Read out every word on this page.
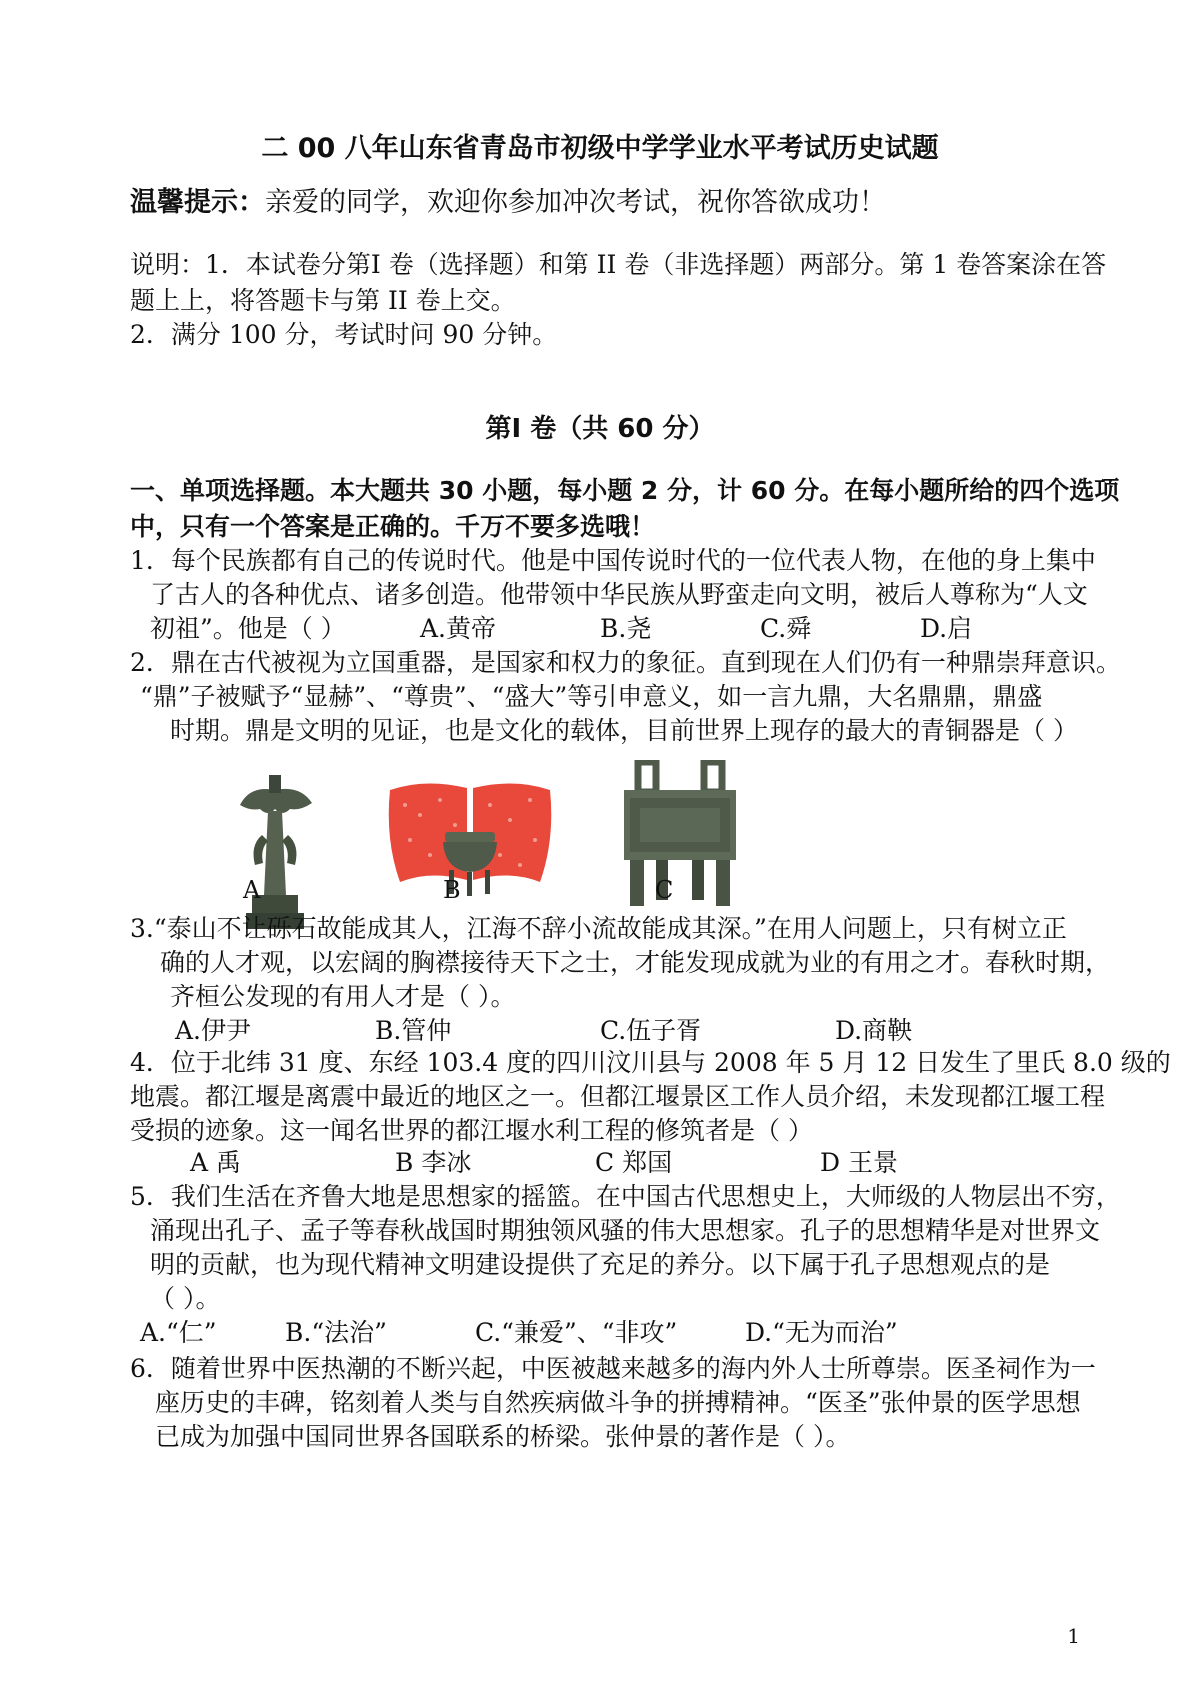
二 00 八年山东省青岛市初级中学学业水平考试历史试题
温馨提示：亲爱的同学，欢迎你参加冲次考试，祝你答欲成功！
说明：1．本试卷分第Ⅰ 卷（选择题）和第 II 卷（非选择题）两部分。第 1 卷答案涂在答
题上上，将答题卡与第 II 卷上交。
2．满分 100 分，考试时问 90 分钟。
第Ⅰ 卷（共 60 分）
一、单项选择题。本大题共 30 小题，每小题 2 分，计 60 分。在每小题所给的四个选项
中，只有一个答案是正确的。千万不要多选哦！
1．每个民族都有自己的传说时代。他是中国传说时代的一位代表人物，在他的身上集中
了古人的各种优点、诸多创造。他带领中华民族从野蛮走向文明，被后人尊称为“人文
初祖”。他是（ ）	A.黄帝	B.尧	C.舜	D.启
2．鼎在古代被视为立国重器，是国家和权力的象征。直到现在人们仍有一种鼎崇拜意识。
“鼎”子被赋予“显赫”、“尊贵”、“盛大”等引申意义，如一言九鼎，大名鼎鼎，鼎盛
时期。鼎是文明的见证，也是文化的载体，目前世界上现存的最大的青铜器是（ ）
A	B	C
3.“泰山不让砾石故能成其人，江海不辞小流故能成其深。”在用人问题上，只有树立正
确的人才观，以宏阔的胸襟接待天下之士，才能发现成就为业的有用之才。春秋时期，
齐桓公发现的有用人才是（ ）。
A.伊尹	B.管仲	C.伍子胥	D.商鞅
4．位于北纬 31 度、东经 103.4 度的四川汶川县与 2008 年 5 月 12 日发生了里氏 8.0 级的
地震。都江堰是离震中最近的地区之一。但都江堰景区工作人员介绍，未发现都江堰工程
受损的迹象。这一闻名世界的都江堰水利工程的修筑者是（ ）
A 禹	B 李冰	C 郑国	D 王景
5．我们生活在齐鲁大地是思想家的摇篮。在中国古代思想史上，大师级的人物层出不穷，
涌现出孔子、孟子等春秋战国时期独领风骚的伟大思想家。孔子的思想精华是对世界文
明的贡献，也为现代精神文明建设提供了充足的养分。以下属于孔子思想观点的是
（ ）。
A.“仁”	B.“法治”	C.“兼爱”、“非攻”	D.“无为而治”
6．随着世界中医热潮的不断兴起，中医被越来越多的海内外人士所尊崇。医圣祠作为一
座历史的丰碑，铭刻着人类与自然疾病做斗争的拼搏精神。“医圣”张仲景的医学思想
已成为加强中国同世界各国联系的桥梁。张仲景的著作是（ ）。
1
